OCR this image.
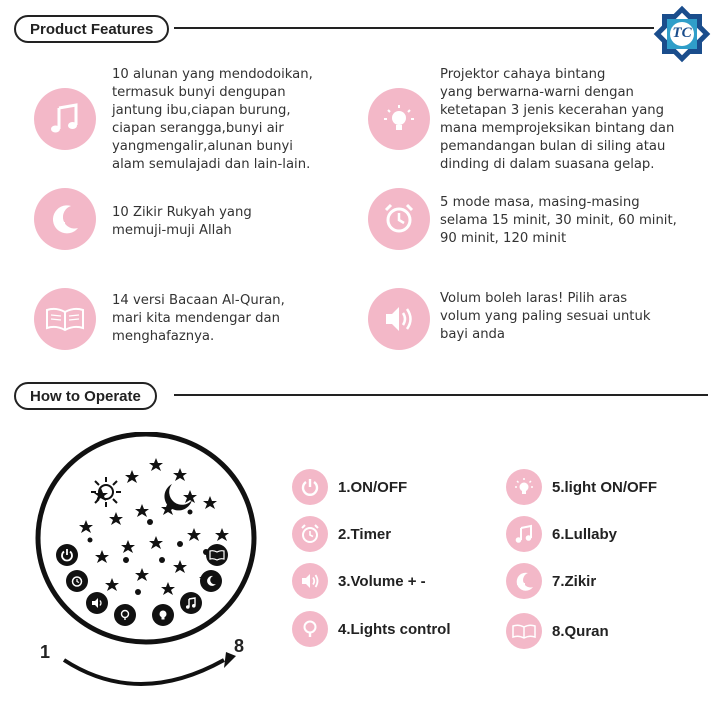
TC
Product Features
10 alunan yang mendodoikan,
termasuk bunyi dengupan
jantung ibu,ciapan burung,
ciapan serangga,bunyi air
yangmengalir,alunan bunyi
alam semulajadi dan lain-lain.
Projektor cahaya bintang
yang berwarna-warni dengan
ketetapan 3 jenis kecerahan yang
mana memprojeksikan bintang dan
pemandangan bulan di siling atau
dinding di dalam suasana gelap.
10 Zikir Rukyah yang
memuji-muji Allah
5 mode masa, masing-masing
selama 15 minit, 30 minit, 60 minit,
90 minit, 120 minit
14 versi Bacaan Al-Quran,
mari kita mendengar dan
menghafaznya.
Volum boleh laras! Pilih aras
volum yang paling sesuai untuk
bayi anda
How to Operate
1	8
1.ON/OFF
2.Timer
3.Volume + -
4.Lights control
5.light ON/OFF
6.Lullaby
7.Zikir
8.Quran
